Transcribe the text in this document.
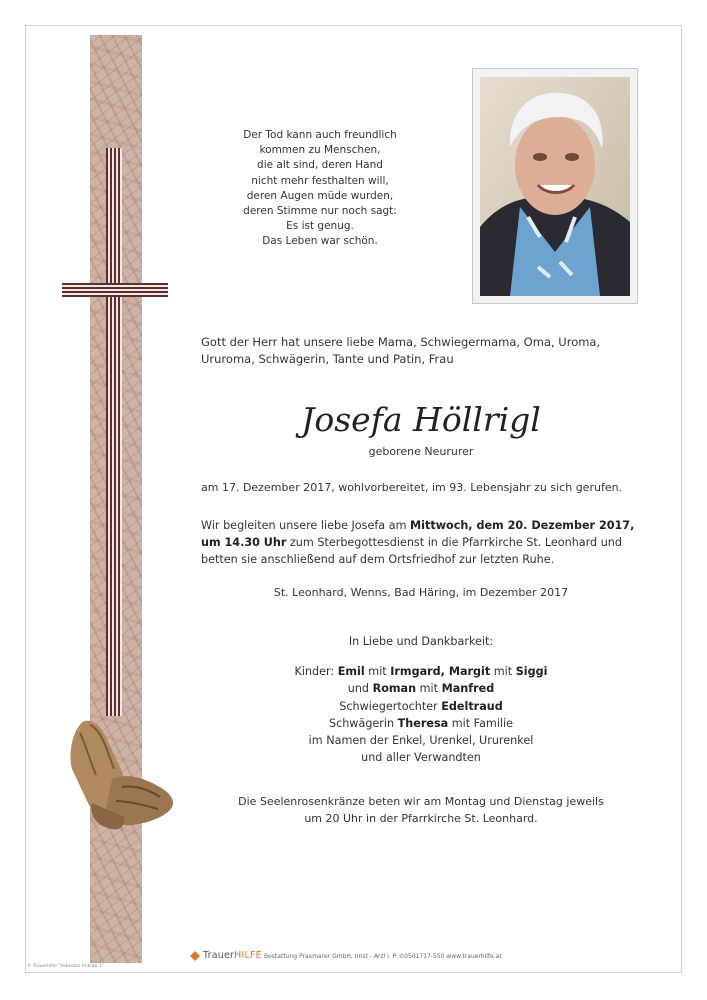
Der Tod kann auch freundlich
kommen zu Menschen,
die alt sind, deren Hand
nicht mehr festhalten will,
deren Augen müde wurden,
deren Stimme nur noch sagt:
Es ist genug.
Das Leben war schön.
Gott der Herr hat unsere liebe Mama, Schwiegermama, Oma, Uroma, Ururoma, Schwägerin, Tante und Patin, Frau
Josefa Höllrigl
geborene Neururer
am 17. Dezember 2017, wohlvorbereitet, im 93. Lebensjahr zu sich gerufen.
Wir begleiten unsere liebe Josefa am Mittwoch, dem 20. Dezember 2017,
um 14.30 Uhr zum Sterbegottesdienst in die Pfarrkirche St. Leonhard und
betten sie anschließend auf dem Ortsfriedhof zur letzten Ruhe.
St. Leonhard, Wenns, Bad Häring, im Dezember 2017
In Liebe und Dankbarkeit:
Kinder: Emil mit Irmgard, Margit mit Siggi
und Roman mit Manfred
Schwiegertochter Edeltraud
Schwägerin Theresa mit Familie
im Namen der Enkel, Urenkel, Ururenkel
und aller Verwandten
Die Seelenrosenkränze beten wir am Montag und Dienstag jeweils
um 20 Uhr in der Pfarrkirche St. Leonhard.
TrauerHILFE Bestattung Praxmarer GmbH, Imst - Arzl i. P. ✆0501717-550 www.trauerhilfe.at
© Trauerhilfe "Asbestos Imbide 1"
